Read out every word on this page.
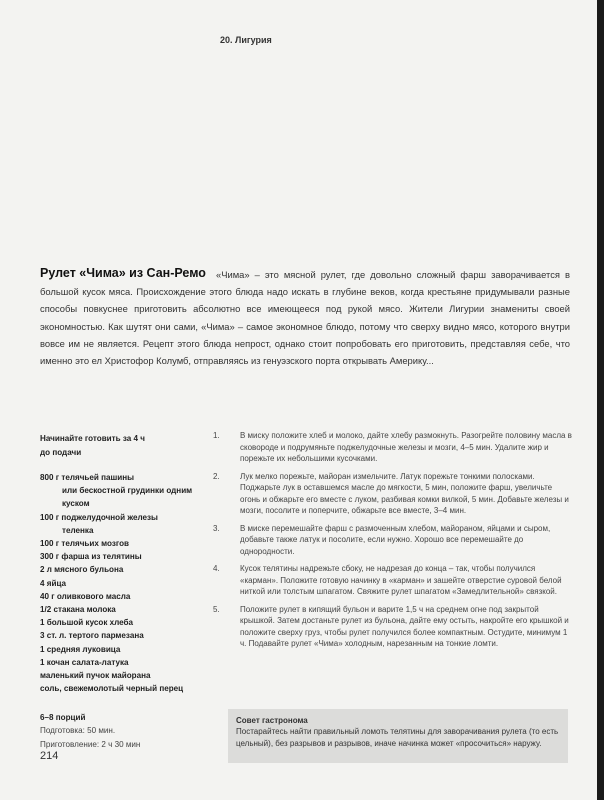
20. Лигурия
«Чима» – это мясной рулет, где довольно сложный фарш заворачивается в большой кусок мяса. Происхождение этого блюда надо искать в глубине веков, когда крестьяне придумывали разные способы повкуснее приготовить абсолютно все имеющееся под рукой мясо. Жители Лигурии знамениты своей экономностью. Как шутят они сами, «Чима» – самое экономное блюдо, потому что сверху видно мясо, которого внутри вовсе им не является. Рецепт этого блюда непрост, однако стоит попробовать его приготовить, представляя себе, что именно это ел Христофор Колумб, отправляясь из генуэзского порта открывать Америку...
Рулет «Чима» из Сан-Ремо
Начинайте готовить за 4 ч
до подачи
800 г телячьей пашины
или бескостной грудинки одним
куском
100 г поджелудочной железы
теленка
100 г телячьих мозгов
300 г фарша из телятины
2 л мясного бульона
4 яйца
40 г оливкового масла
1/2 стакана молока
1 большой кусок хлеба
3 ст. л. тертого пармезана
1 средняя луковица
1 кочан салата-латука
маленький пучок майорана
соль, свежемолотый черный перец
6–8 порций
Подготовка: 50 мин.
Приготовление: 2 ч 30 мин
1.	В миску положите хлеб и молоко, дайте хлебу размокнуть. Разогрейте половину масла в сковороде и подрумяньте поджелудочные железы и мозги, 4–5 мин. Удалите жир и порежьте их небольшими кусочками.
2.	Лук мелко порежьте, майоран измельчите. Латук порежьте тонкими полосками. Поджарьте лук в оставшемся масле до мягкости, 5 мин, положите фарш, увеличьте огонь и обжарьте его вместе с луком, разбивая комки вилкой, 5 мин. Добавьте железы и мозги, посолите и поперчите, обжарьте все вместе, 3–4 мин.
3.	В миске перемешайте фарш с размоченным хлебом, майораном, яйцами и сыром, добавьте также латук и посолите, если нужно. Хорошо все перемешайте до однородности.
4.	Кусок телятины надрежьте сбоку, не надрезая до конца – так, чтобы получился «карман». Положите готовую начинку в «карман» и зашейте отверстие суровой белой ниткой или толстым шпагатом. Свяжите рулет шпагатом «Замедлительной» связкой.
5.	Положите рулет в кипящий бульон и варите 1,5 ч на среднем огне под закрытой крышкой. Затем достаньте рулет из бульона, дайте ему остыть, накройте его крышкой и положите сверху груз, чтобы рулет получился более компактным. Остудите, минимум 1 ч. Подавайте рулет «Чима» холодным, нарезанным на тонкие ломти.
Совет гастронома
Постарайтесь найти правильный ломоть телятины для заворачивания рулета (то есть цельный), без разрывов и разрывов, иначе начинка может «просочиться» наружу.
214
